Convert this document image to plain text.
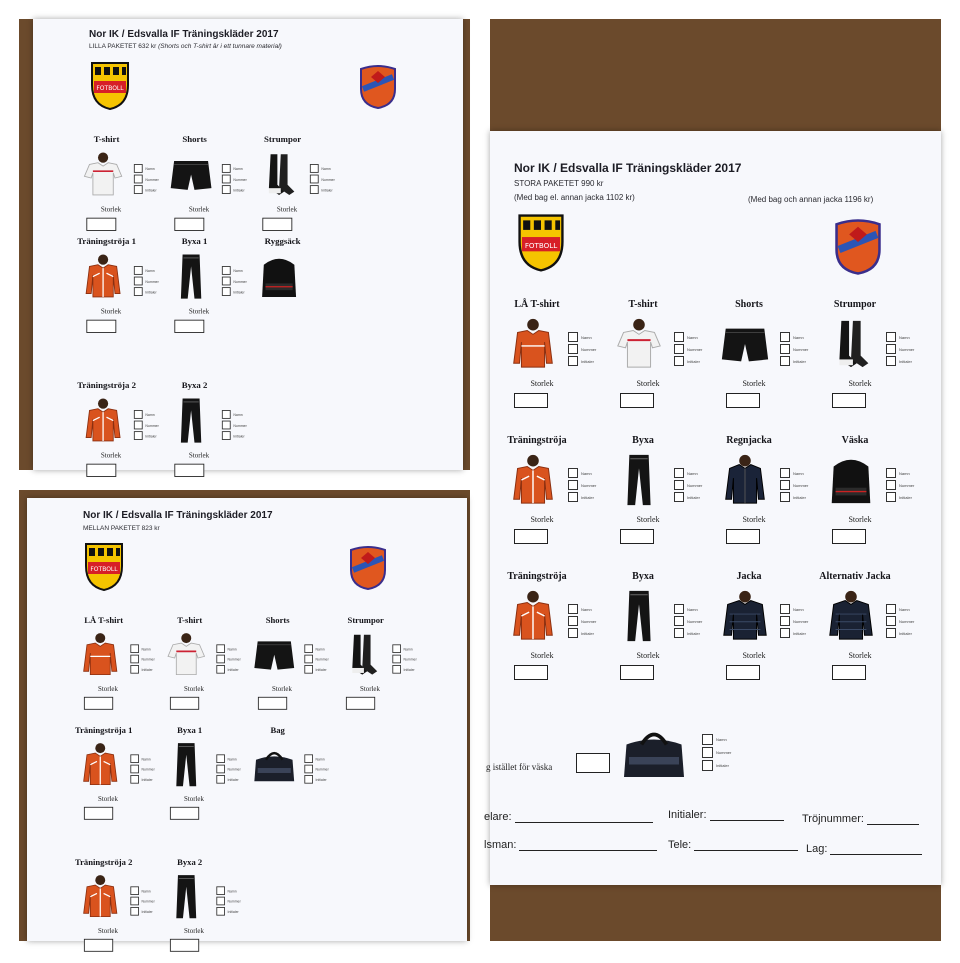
Nor IK / Edsvalla IF Träningskläder 2017
LILLA PAKETET 632 kr (Shorts och T-shirt är i ett tunnare material)
FOTBOLL
T-shirt
Namn
Nummer
Initialer
Storlek
Shorts
Namn
Nummer
Initialer
Storlek
Strumpor
Namn
Nummer
Initialer
Storlek
Träningströja 1
Namn
Nummer
Initialer
Storlek
Byxa 1
Namn
Nummer
Initialer
Storlek
Ryggsäck
Träningströja 2
Namn
Nummer
Initialer
Storlek
Byxa 2
Namn
Nummer
Initialer
Storlek
Nor IK / Edsvalla IF Träningskläder 2017
MELLAN PAKETET 823 kr
FOTBOLL
LÅ T-shirt
Namn
Nummer
Initialer
Storlek
T-shirt
Namn
Nummer
Initialer
Storlek
Shorts
Namn
Nummer
Initialer
Storlek
Strumpor
Namn
Nummer
Initialer
Storlek
Träningströja 1
Namn
Nummer
Initialer
Storlek
Byxa 1
Namn
Nummer
Initialer
Storlek
Bag
Namn
Nummer
Initialer
Träningströja 2
Namn
Nummer
Initialer
Storlek
Byxa 2
Namn
Nummer
Initialer
Storlek
Nor IK / Edsvalla IF Träningskläder 2017
STORA PAKETET 990 kr
(Med bag el. annan jacka 1102 kr)	(Med bag och annan jacka 1196 kr)
FOTBOLL
g istället för väska
elare:	Initialer:	Tröjnummer:
lsman:	Tele:	Lag:
LÅ T-shirt
Namn
Nummer
Initialer
Storlek
T-shirt
Namn
Nummer
Initialer
Storlek
Shorts
Namn
Nummer
Initialer
Storlek
Strumpor
Namn
Nummer
Initialer
Storlek
Träningströja
Namn
Nummer
Initialer
Storlek
Byxa
Namn
Nummer
Initialer
Storlek
Regnjacka
Namn
Nummer
Initialer
Storlek
Väska
Namn
Nummer
Initialer
Storlek
Träningströja
Namn
Nummer
Initialer
Storlek
Byxa
Namn
Nummer
Initialer
Storlek
Jacka
Namn
Nummer
Initialer
Storlek
Alternativ Jacka
Namn
Nummer
Initialer
Storlek
Namn
Nummer
Initialer
